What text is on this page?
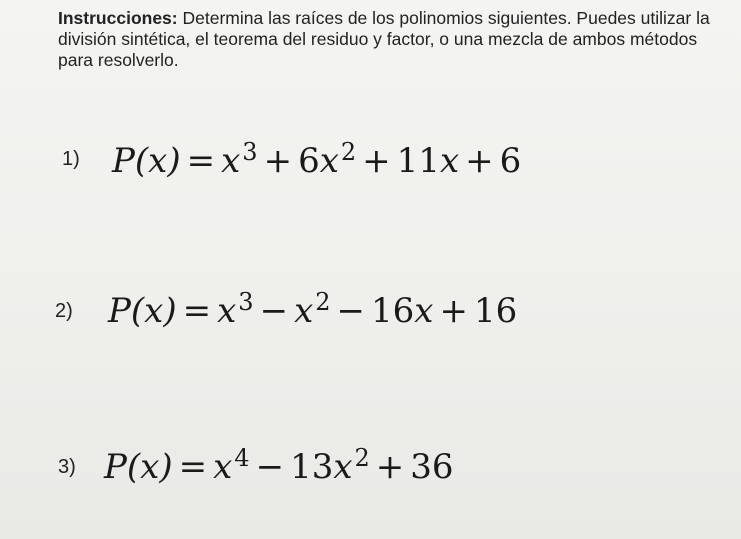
Instrucciones: Determina las raíces de los polinomios siguientes. Puedes utilizar la división sintética, el teorema del residuo y factor, o una mezcla de ambos métodos para resolverlo.
1) $P(x) = x^3 + 6x^2 + 11x + 6$
2) $P(x) = x^3 - x^2 - 16x + 16$
3) $P(x) = x^4 - 13x^2 + 36$
